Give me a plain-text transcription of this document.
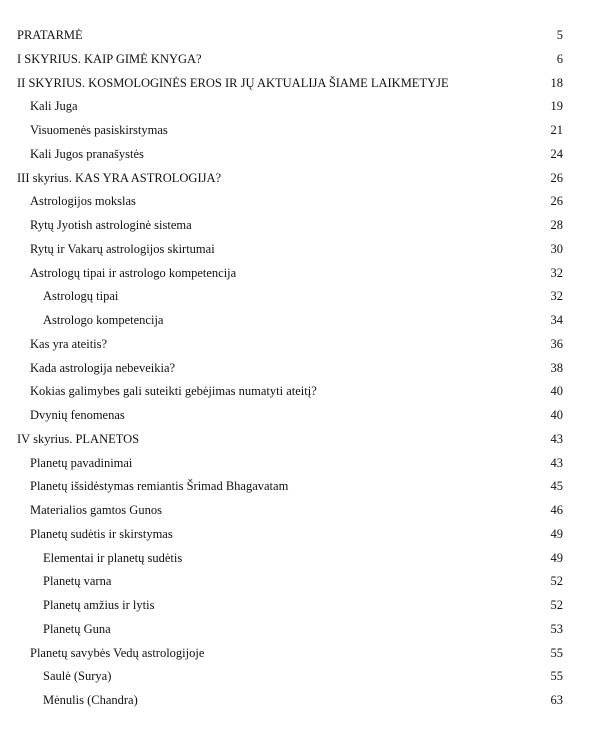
PRATARMĖ	5
I SKYRIUS. KAIP GIMĖ KNYGA?	6
II SKYRIUS. KOSMOLOGINĖS EROS IR JŲ AKTUALIJA ŠIAME LAIKMETYJE	18
Kali Juga	19
Visuomenės pasiskirstymas	21
Kali Jugos pranašystės	24
III skyrius. KAS YRA ASTROLOGIJA?	26
Astrologijos mokslas	26
Rytų Jyotish astrologinė sistema	28
Rytų ir Vakarų astrologijos skirtumai	30
Astrologų tipai ir astrologo kompetencija	32
Astrologų tipai	32
Astrologo kompetencija	34
Kas yra ateitis?	36
Kada astrologija nebeveikia?	38
Kokias galimybes gali suteikti gebėjimas numatyti ateitį?	40
Dvynių fenomenas	40
IV skyrius. PLANETOS	43
Planetų pavadinimai	43
Planetų išsidėstymas remiantis Šrimad Bhagavatam	45
Materialios gamtos Gunos	46
Planetų sudėtis ir skirstymas	49
Elementai ir planetų sudėtis	49
Planetų varna	52
Planetų amžius ir lytis	52
Planetų Guna	53
Planetų savybės Vedų astrologijoje	55
Saulė (Surya)	55
Mėnulis (Chandra)	63
